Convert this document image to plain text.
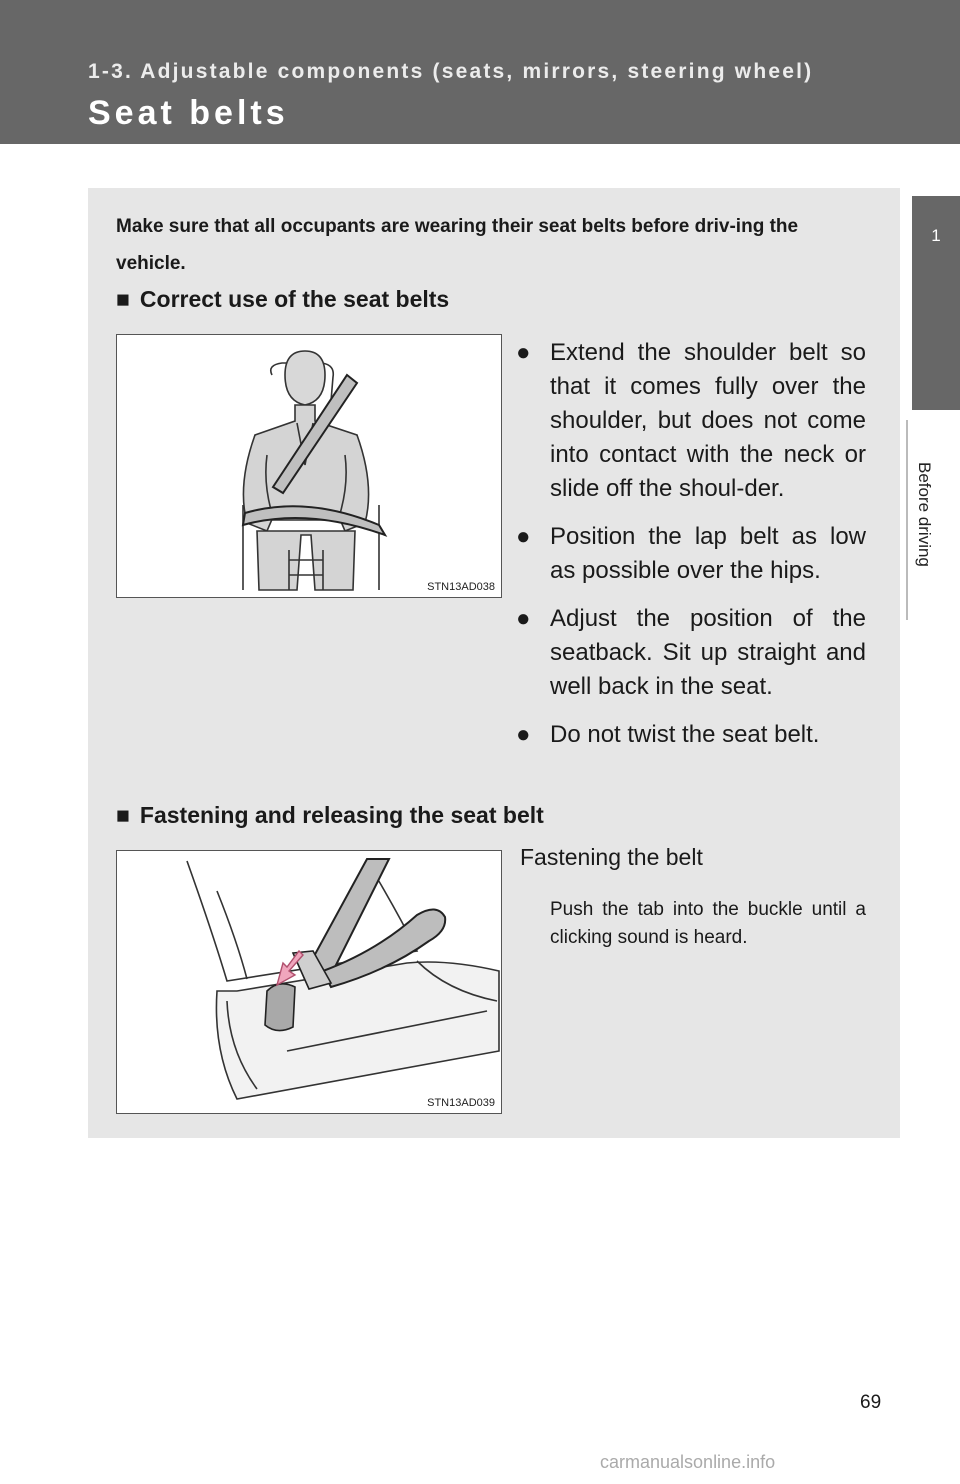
1-3. Adjustable components (seats, mirrors, steering wheel)
Seat belts
1
Before driving
Make sure that all occupants are wearing their seat belts before driv-ing the vehicle.
■ Correct use of the seat belts
STN13AD038
● Extend the shoulder belt so that it comes fully over the shoulder, but does not come into contact with the neck or slide off the shoul-der.
● Position the lap belt as low as possible over the hips.
● Adjust the position of the seatback. Sit up straight and well back in the seat.
● Do not twist the seat belt.
■ Fastening and releasing the seat belt
STN13AD039
Fastening the belt
Push the tab into the buckle until a clicking sound is heard.
69
carmanualsonline.info
